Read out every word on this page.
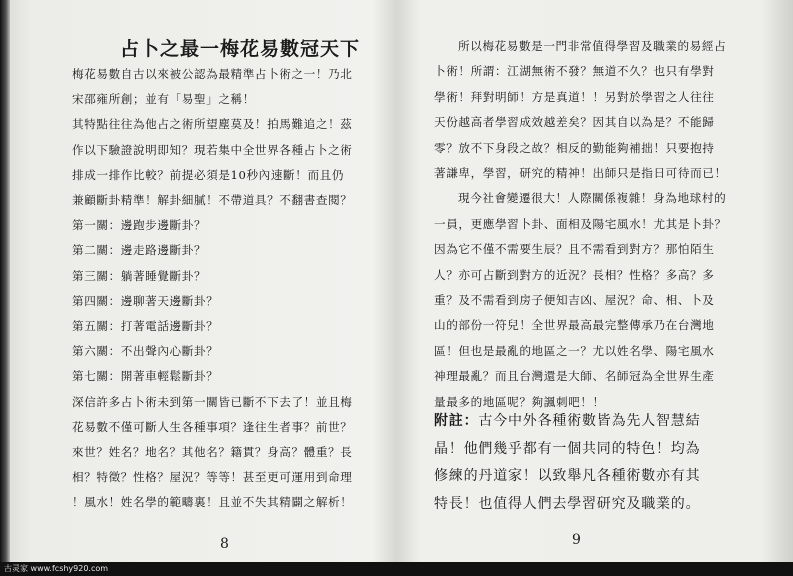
占卜之最一梅花易數冠天下
梅花易數自古以來被公認為最精準占卜術之一！乃北
宋邵雍所創；並有「易聖」之稱！
其特點往往為他占之術所望塵莫及！拍馬難追之！茲
作以下驗證說明即知？現若集中全世界各種占卜之術
排成一排作比較？前提必須是10秒內速斷！而且仍
兼顧斷卦精準！解卦細膩！不帶道具？不翻書查閱？
第一關：邊跑步邊斷卦？
第二關：邊走路邊斷卦？
第三關：躺著睡覺斷卦？
第四關：邊聊著天邊斷卦？
第五關：打著電話邊斷卦？
第六關：不出聲內心斷卦？
第七關：開著車輕鬆斷卦？
深信許多占卜術未到第一關皆已斷不下去了！並且梅
花易數不僅可斷人生各種事項？逢往生者事？前世？
來世？姓名？地名？其他名？籍貫？身高？體重？長
相？特徵？性格？屋況？等等！甚至更可運用到命理
！風水！姓名學的範疇裏！且並不失其精闢之解析！
8
所以梅花易數是一門非常值得學習及職業的易經占
卜術！所謂：江湖無術不發？無道不久？也只有學對
學術！拜對明師！方是真道！！另對於學習之人往往
天份越高者學習成效越差矣？因其自以為是？不能歸
零？放不下身段之故？相反的勤能夠補拙！只要抱持
著謙卑，學習，研究的精神！出師只是指日可待而已！
現今社會變遷很大！人際關係複雜！身為地球村的
一員，更應學習卜卦、面相及陽宅風水！尤其是卜卦？
因為它不僅不需要生辰？且不需看到對方？那怕陌生
人？亦可占斷到對方的近況？長相？性格？多高？多
重？及不需看到房子便知吉凶、屋況？命、相、卜及
山的部份一符兒！全世界最高最完整傳承乃在台灣地
區！但也是最亂的地區之一？尤以姓名學、陽宅風水
神理最亂？而且台灣還是大師、名師冠為全世界生產
量最多的地區呢？夠諷刺吧！！
附註：古今中外各種術數皆為先人智慧結
晶！他們幾乎都有一個共同的特色！均為
修練的丹道家！以致舉凡各種術數亦有其
特長！也值得人們去學習研究及職業的。
9
古灵家 www.fcshy920.com
